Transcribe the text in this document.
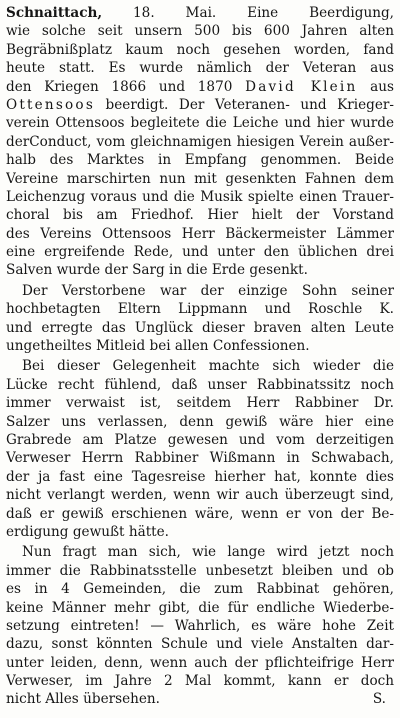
Schnaittach, 18. Mai. Eine Beerdigung,
wie solche seit unsern 500 bis 600 Jahren alten
Begräbnißplatz kaum noch gesehen worden, fand
heute statt. Es wurde nämlich der Veteran aus
den Kriegen 1866 und 1870 David Klein aus
Ottensoos beerdigt. Der Veteranen- und Krieger-
verein Ottensoos begleitete die Leiche und hier wurde
derConduct, vom gleichnamigen hiesigen Verein außer-
halb des Marktes in Empfang genommen. Beide
Vereine marschirten nun mit gesenkten Fahnen dem
Leichenzug voraus und die Musik spielte einen Trauer-
choral bis am Friedhof. Hier hielt der Vorstand
des Vereins Ottensoos Herr Bäckermeister Lämmer
eine ergreifende Rede, und unter den üblichen drei
Salven wurde der Sarg in die Erde gesenkt.
Der Verstorbene war der einzige Sohn seiner
hochbetagten Eltern Lippmann und Roschle K.
und erregte das Unglück dieser braven alten Leute
ungetheiltes Mitleid bei allen Confessionen.
Bei dieser Gelegenheit machte sich wieder die
Lücke recht fühlend, daß unser Rabbinatssitz noch
immer verwaist ist, seitdem Herr Rabbiner Dr.
Salzer uns verlassen, denn gewiß wäre hier eine
Grabrede am Platze gewesen und vom derzeitigen
Verweser Herrn Rabbiner Wißmann in Schwabach,
der ja fast eine Tagesreise hierher hat, konnte dies
nicht verlangt werden, wenn wir auch überzeugt sind,
daß er gewiß erschienen wäre, wenn er von der Be-
erdigung gewußt hätte.
Nun fragt man sich, wie lange wird jetzt noch
immer die Rabbinatsstelle unbesetzt bleiben und ob
es in 4 Gemeinden, die zum Rabbinat gehören,
keine Männer mehr gibt, die für endliche Wiederbe-
setzung eintreten! — Wahrlich, es wäre hohe Zeit
dazu, sonst könnten Schule und viele Anstalten dar-
unter leiden, denn, wenn auch der pflichteifrige Herr
Verweser, im Jahre 2 Mal kommt, kann er doch
nicht Alles übersehen.	S.
